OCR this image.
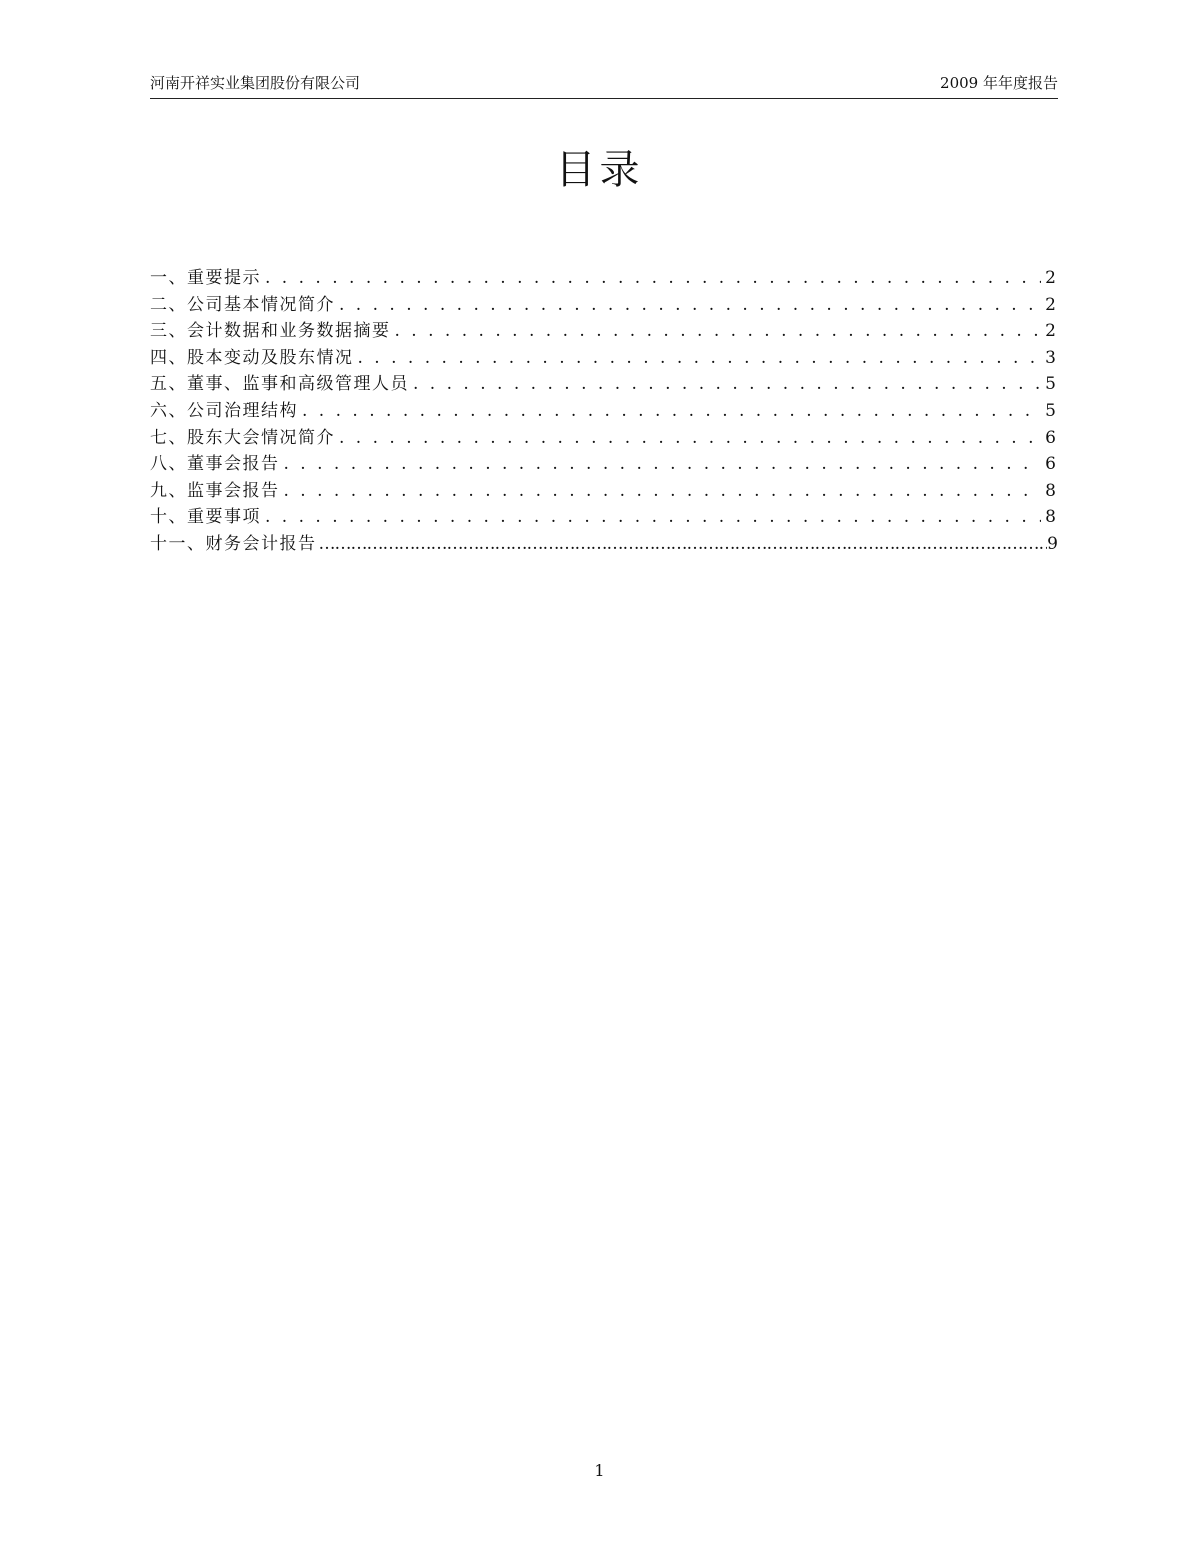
河南开祥实业集团股份有限公司	2009 年年度报告
目录
一、重要提示 . . .	2
二、公司基本情况简介 . . .	2
三、会计数据和业务数据摘要 . . .	2
四、股本变动及股东情况 . . .	3
五、董事、监事和高级管理人员 . . .	5
六、公司治理结构 . . .	5
七、股东大会情况简介 . . .	6
八、董事会报告 . . .	6
九、监事会报告 . . .	8
十、重要事项 . . .	8
十一、财务会计报告 ……………………………………………………………………………………………………………………………………………………………………	9
1
